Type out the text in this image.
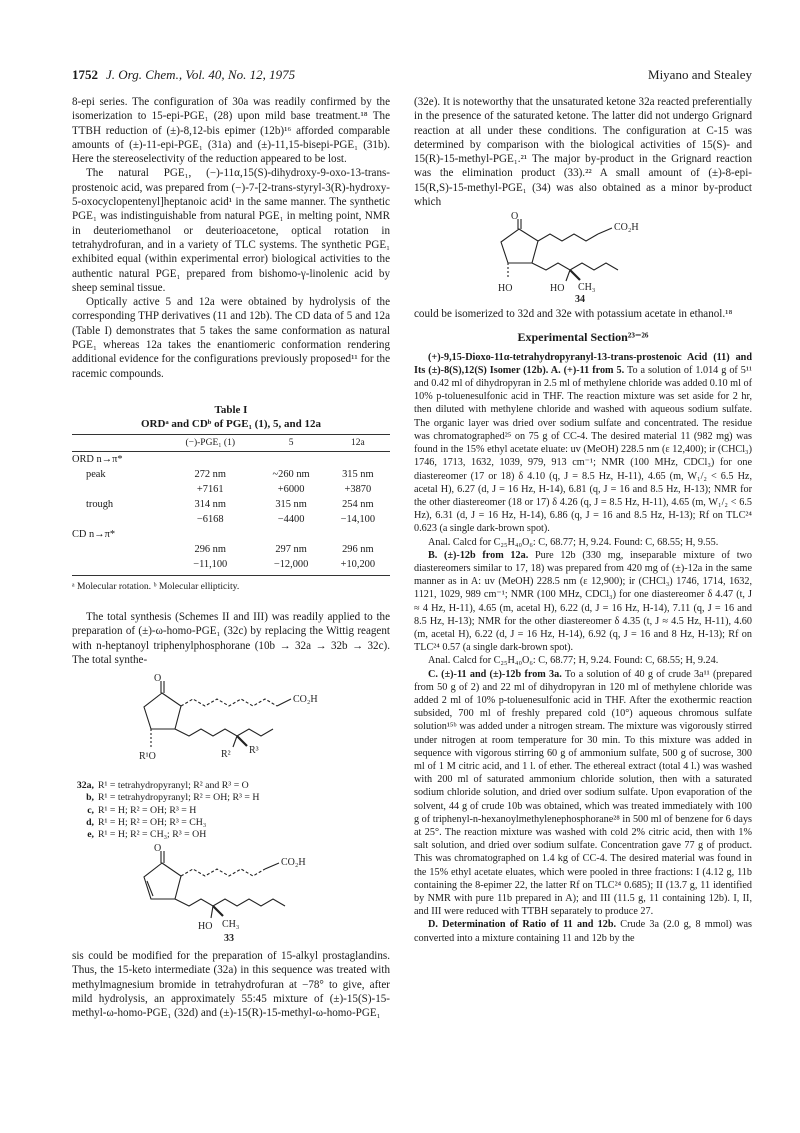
1752 J. Org. Chem., Vol. 40, No. 12, 1975	Miyano and Stealey

8-epi series. The configuration of 30a was readily confirmed by the isomerization to 15-epi-PGE₁ (28) upon mild base treatment.¹⁸ The TTBH reduction of (±)-8,12-bis epimer (12b)¹⁶ afforded comparable amounts of (±)-11-epi-PGE₁ (31a) and (±)-11,15-bisepi-PGE₁ (31b). Here the stereoselectivity of the reduction appeared to be lost.

The natural PGE₁, (−)-11α,15(S)-dihydroxy-9-oxo-13-trans-prostenoic acid, was prepared from (−)-7-[2-trans-styryl-3(R)-hydroxy-5-oxocyclopentenyl]heptanoic acid¹ in the same manner. The synthetic PGE₁ was indistinguishable from natural PGE₁ in melting point, NMR in deuteriomethanol or deuterioacetone, optical rotation in tetrahydrofuran, and in a variety of TLC systems. The synthetic PGE₁ exhibited equal (within experimental error) biological activities to the authentic natural PGE₁ prepared from bishomo-γ-linolenic acid by sheep seminal tissue.

Optically active 5 and 12a were obtained by hydrolysis of the corresponding THP derivatives (11 and 12b). The CD data of 5 and 12a (Table I) demonstrates that 5 takes the same conformation as natural PGE₁ whereas 12a takes the enantiomeric conformation rendering additional evidence for the configurations previously proposed¹¹ for the racemic compounds.

Table I
ORDᵃ and CDᵇ of PGE₁ (1), 5, and 12a
	(−)-PGE₁ (1)	5	12a
ORD n→π*			
peak	272 nm	~260 nm	315 nm
	+7161	+6000	+3870
trough	314 nm	315 nm	254 nm
	−6168	−4400	−14,100
CD n→π*			
	296 nm	297 nm	296 nm
	−11,100	−12,000	+10,200
ᵃ Molecular rotation. ᵇ Molecular ellipticity.

The total synthesis (Schemes II and III) was readily applied to the preparation of (±)-ω-homo-PGE₁ (32c) by replacing the Wittig reagent with n-heptanoyl triphenylphosphorane (10b → 32a → 32b → 32c). The total synthe-

O
CO₂H
R¹O	R² R³
32a, R¹ = tetrahydropyranyl; R² and R³ = O
b, R¹ = tetrahydropyranyl; R² = OH; R³ = H
c, R¹ = H; R² = OH; R³ = H
d, R¹ = H; R² = OH; R³ = CH₃
e, R¹ = H; R² = CH₃; R³ = OH
O
CO₂H
HO CH₃
33

sis could be modified for the preparation of 15-alkyl prostaglandins. Thus, the 15-keto intermediate (32a) in this sequence was treated with methylmagnesium bromide in tetrahydrofuran at −78° to give, after mild hydrolysis, an approximately 55:45 mixture of (±)-15(S)-15-methyl-ω-homo-PGE₁ (32d) and (±)-15(R)-15-methyl-ω-homo-PGE₁

(32e). It is noteworthy that the unsaturated ketone 32a reacted preferentially in the presence of the saturated ketone. The latter did not undergo Grignard reaction at all under these conditions. The configuration at C-15 was determined by comparison with the biological activities of 15(S)- and 15(R)-15-methyl-PGE₁.²¹ The major by-product in the Grignard reaction was the elimination product (33).²² A small amount of (±)-8-epi-15(R,S)-15-methyl-PGE₁ (34) was also obtained as a minor by-product which

O
CO₂H
HO	HO CH₃
34

could be isomerized to 32d and 32e with potassium acetate in ethanol.¹⁸

Experimental Section²³⁻²⁶

(+)-9,15-Dioxo-11α-tetrahydropyranyl-13-trans-prostenoic Acid (11) and Its (±)-8(S),12(S) Isomer (12b). A. (+)-11 from 5. To a solution of 1.014 g of 5¹¹ and 0.42 ml of dihydropyran in 2.5 ml of methylene chloride was added 0.10 ml of 10% p-toluenesulfonic acid in THF. The reaction mixture was set aside for 2 hr, then diluted with methylene chloride and washed with aqueous sodium sulfate. The organic layer was dried over sodium sulfate and concentrated. The residue was chromatographed²⁵ on 75 g of CC-4. The desired material 11 (982 mg) was found in the 15% ethyl acetate eluate: uv (MeOH) 228.5 nm (ε 12,400); ir (CHCl₃) 1746, 1713, 1632, 1039, 979, 913 cm⁻¹; NMR (100 MHz, CDCl₃) for one diastereomer (17 or 18) δ 4.10 (q, J = 8.5 Hz, H-11), 4.65 (m, W₁/₂ < 6.5 Hz, acetal H), 6.27 (d, J = 16 Hz, H-14), 6.81 (q, J = 16 and 8.5 Hz, H-13); NMR for the other diastereomer (18 or 17) δ 4.26 (q, J = 8.5 Hz, H-11), 4.65 (m, W₁/₂ < 6.5 Hz), 6.31 (d, J = 16 Hz, H-14), 6.86 (q, J = 16 and 8.5 Hz, H-13); Rf on TLC²⁴ 0.623 (a single dark-brown spot).

Anal. Calcd for C₂₅H₄₀O₆: C, 68.77; H, 9.24. Found: C, 68.55; H, 9.55.

B. (±)-12b from 12a. Pure 12b (330 mg, inseparable mixture of two diastereomers similar to 17, 18) was prepared from 420 mg of (±)-12a in the same manner as in A: uv (MeOH) 228.5 nm (ε 12,900); ir (CHCl₃) 1746, 1714, 1632, 1121, 1029, 989 cm⁻¹; NMR (100 MHz, CDCl₃) for one diastereomer δ 4.47 (t, J ≈ 4 Hz, H-11), 4.65 (m, acetal H), 6.22 (d, J = 16 Hz, H-14), 7.11 (q, J = 16 and 8.5 Hz, H-13); NMR for the other diastereomer δ 4.35 (t, J ≈ 4.5 Hz, H-11), 4.60 (m, acetal H), 6.22 (d, J = 16 Hz, H-14), 6.92 (q, J = 16 and 8 Hz, H-13); Rf on TLC²⁴ 0.57 (a single dark-brown spot).

Anal. Calcd for C₂₅H₄₀O₆: C, 68.77; H, 9.24. Found: C, 68.55; H, 9.24.

C. (±)-11 and (±)-12b from 3a. To a solution of 40 g of crude 3a¹¹ (prepared from 50 g of 2) and 22 ml of dihydropyran in 120 ml of methylene chloride was added 2 ml of 10% p-toluenesulfonic acid in THF. After the exothermic reaction subsided, 700 ml of freshly prepared cold (10°) aqueous chromous sulfate solution¹⁵ᵇ was added under a nitrogen stream. The mixture was vigorously stirred under nitrogen at room temperature for 30 min. To this mixture was added in sequence with vigorous stirring 60 g of ammonium sulfate, 500 g of sucrose, 300 ml of 1 M citric acid, and 1 l. of ether. The ethereal extract (total 4 l.) was washed with 200 ml of saturated ammonium chloride solution, then with a saturated sodium chloride solution, and dried over sodium sulfate. Upon evaporation of the solvent, 44 g of crude 10b was obtained, which was treated immediately with 100 g of triphenyl-n-hexanoylmethylenephosphorane²⁸ in 500 ml of benzene for 6 days at 25°. The reaction mixture was washed with cold 2% citric acid, then with 1% salt solution, and dried over sodium sulfate. Concentration gave 77 g of product. This was chromatographed on 1.4 kg of CC-4. The desired material was found in the 15% ethyl acetate eluates, which were pooled in three fractions: I (4.12 g, 11b containing the 8-epimer 22, the latter Rf on TLC²⁴ 0.685); II (13.7 g, 11 identified by NMR with pure 11b prepared in A); and III (11.5 g, 11 containing 12b). I, II, and III were reduced with TTBH separately to produce 27.

D. Determination of Ratio of 11 and 12b. Crude 3a (2.0 g, 8 mmol) was converted into a mixture containing 11 and 12b by the
